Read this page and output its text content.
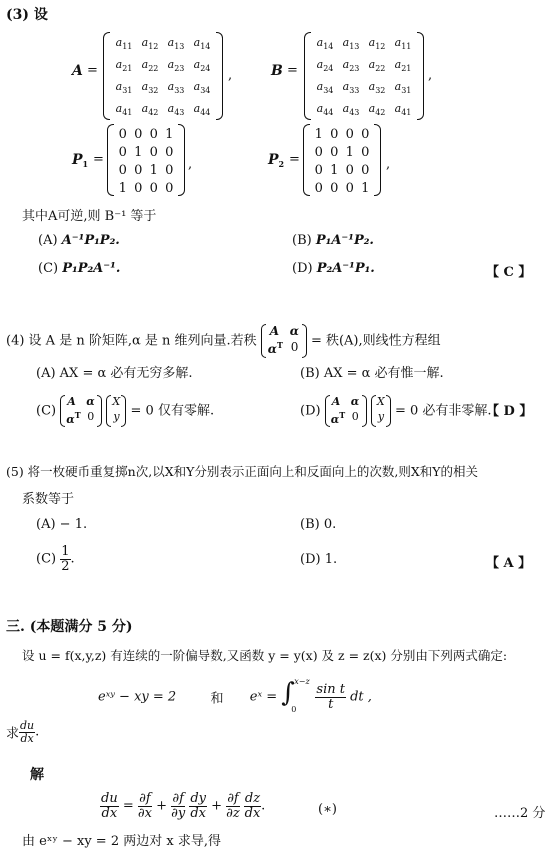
(3) 设
A =
$a_{11}$ $a_{12}$ $a_{13}$ $a_{14}$
$a_{21}$ $a_{22}$ $a_{23}$ $a_{24}$
$a_{31}$ $a_{32}$ $a_{33}$ $a_{34}$
$a_{41}$ $a_{42}$ $a_{43}$ $a_{44}$
,	B =
$a_{14}$ $a_{13}$ $a_{12}$ $a_{11}$
$a_{24}$ $a_{23}$ $a_{22}$ $a_{21}$
$a_{34}$ $a_{33}$ $a_{32}$ $a_{31}$
$a_{44}$ $a_{43}$ $a_{42}$ $a_{41}$
,
$P_1$ =
0 0 0 1
0 1 0 0
0 0 1 0
1 0 0 0
,	$P_2$ =
1 0 0 0
0 0 1 0
0 1 0 0
0 0 0 1
,
其中A可逆,则 B⁻¹ 等于
(A) A⁻¹P₁P₂.	(B) P₁A⁻¹P₂.
(C) P₁P₂A⁻¹.	(D) P₂A⁻¹P₁.	【 C 】
(4) 设 A 是 n 阶矩阵,α 是 n 维列向量.若秩
A α
$\alpha^T$ 0 = 秩(A),则线性方程组
(A) AX = α 必有无穷多解.	(B) AX = α 必有惟一解.
(C)
A α
$\alpha^T$ 0

X
y = 0 仅有零解.	(D)
A α
$\alpha^T$ 0

X
y = 0 必有非零解.
【 D 】
(5) 将一枚硬币重复掷n次,以X和Y分别表示正面向上和反面向上的次数,则X和Y的相关
系数等于
(A) − 1.	(B) 0.
$(C) \frac{1}{2}$ .	(D) 1.	【 A 】
三. (本题满分 5 分)
设 u = f(x,y,z) 有连续的一阶偏导数,又函数 y = y(x) 及 z = z(x) 分别由下列两式确定:
eˣʸ − xy = 2	和 eˣ = ∫ x−z
0
$\frac{\text{sin t}}{t}$ dt ,
求 $\frac{du}{dx}$ .
解
$\frac{du}{dx} = \frac{\partial f}{\partial x} + \frac{\partial f}{\partial y}$
$\frac{dy}{dx} + \frac{\partial f}{\partial z}$
$\frac{dz}{dx}$ .	(∗)	……2 分
由 eˣʸ − xy = 2 两边对 x 求导,得
